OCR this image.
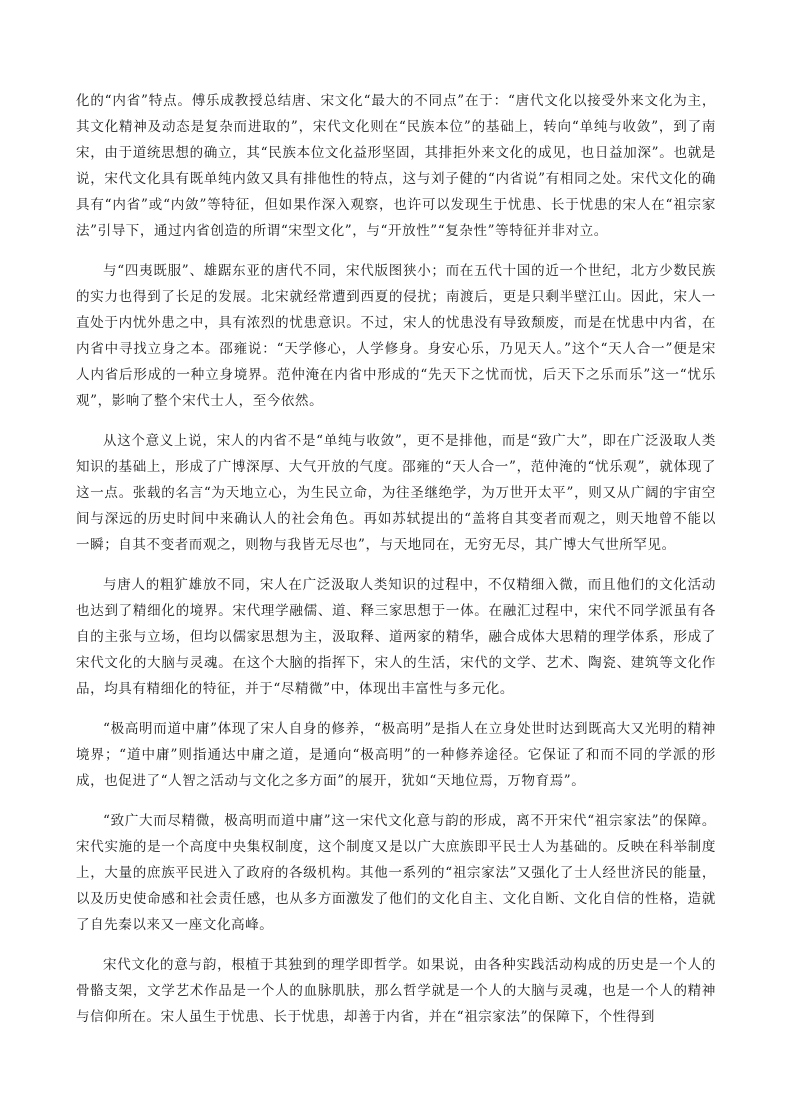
化的“内省”特点。傅乐成教授总结唐、宋文化“最大的不同点”在于：“唐代文化以接受外来文化为主，其文化精神及动态是复杂而进取的”，宋代文化则在“民族本位”的基础上，转向“单纯与收敛”，到了南宋，由于道统思想的确立，其“民族本位文化益形坚固，其排拒外来文化的成见，也日益加深”。也就是说，宋代文化具有既单纯内敛又具有排他性的特点，这与刘子健的“内省说”有相同之处。宋代文化的确具有“内省”或“内敛”等特征，但如果作深入观察，也许可以发现生于忧患、长于忧患的宋人在“祖宗家法”引导下，通过内省创造的所谓“宋型文化”，与“开放性”“复杂性”等特征并非对立。

与“四夷既服”、雄踞东亚的唐代不同，宋代版图狭小；而在五代十国的近一个世纪，北方少数民族的实力也得到了长足的发展。北宋就经常遭到西夏的侵扰；南渡后，更是只剩半壁江山。因此，宋人一直处于内忧外患之中，具有浓烈的忧患意识。不过，宋人的忧患没有导致颓废，而是在忧患中内省，在内省中寻找立身之本。邵雍说：“天学修心，人学修身。身安心乐，乃见天人。”这个“天人合一”便是宋人内省后形成的一种立身境界。范仲淹在内省中形成的“先天下之忧而忧，后天下之乐而乐”这一“忧乐观”，影响了整个宋代士人，至今依然。

从这个意义上说，宋人的内省不是“单纯与收敛”，更不是排他，而是“致广大”，即在广泛汲取人类知识的基础上，形成了广博深厚、大气开放的气度。邵雍的“天人合一”，范仲淹的“忧乐观”，就体现了这一点。张载的名言“为天地立心，为生民立命，为往圣继绝学，为万世开太平”，则又从广阔的宇宙空间与深远的历史时间中来确认人的社会角色。再如苏轼提出的“盖将自其变者而观之，则天地曾不能以一瞬；自其不变者而观之，则物与我皆无尽也”，与天地同在，无穷无尽，其广博大气世所罕见。

与唐人的粗犷雄放不同，宋人在广泛汲取人类知识的过程中，不仅精细入微，而且他们的文化活动也达到了精细化的境界。宋代理学融儒、道、释三家思想于一体。在融汇过程中，宋代不同学派虽有各自的主张与立场，但均以儒家思想为主，汲取释、道两家的精华，融合成体大思精的理学体系，形成了宋代文化的大脑与灵魂。在这个大脑的指挥下，宋人的生活，宋代的文学、艺术、陶瓷、建筑等文化作品，均具有精细化的特征，并于“尽精微”中，体现出丰富性与多元化。

“极高明而道中庸”体现了宋人自身的修养，“极高明”是指人在立身处世时达到既高大又光明的精神境界；“道中庸”则指通达中庸之道，是通向“极高明”的一种修养途径。它保证了和而不同的学派的形成，也促进了“人智之活动与文化之多方面”的展开，犹如“天地位焉，万物育焉”。

“致广大而尽精微，极高明而道中庸”这一宋代文化意与韵的形成，离不开宋代“祖宗家法”的保障。宋代实施的是一个高度中央集权制度，这个制度又是以广大庶族即平民士人为基础的。反映在科举制度上，大量的庶族平民进入了政府的各级机构。其他一系列的“祖宗家法”又强化了士人经世济民的能量，以及历史使命感和社会责任感，也从多方面激发了他们的文化自主、文化自断、文化自信的性格，造就了自先秦以来又一座文化高峰。

宋代文化的意与韵，根植于其独到的理学即哲学。如果说，由各种实践活动构成的历史是一个人的骨骼支架，文学艺术作品是一个人的血脉肌肤，那么哲学就是一个人的大脑与灵魂，也是一个人的精神与信仰所在。宋人虽生于忧患、长于忧患，却善于内省，并在“祖宗家法”的保障下，个性得到
